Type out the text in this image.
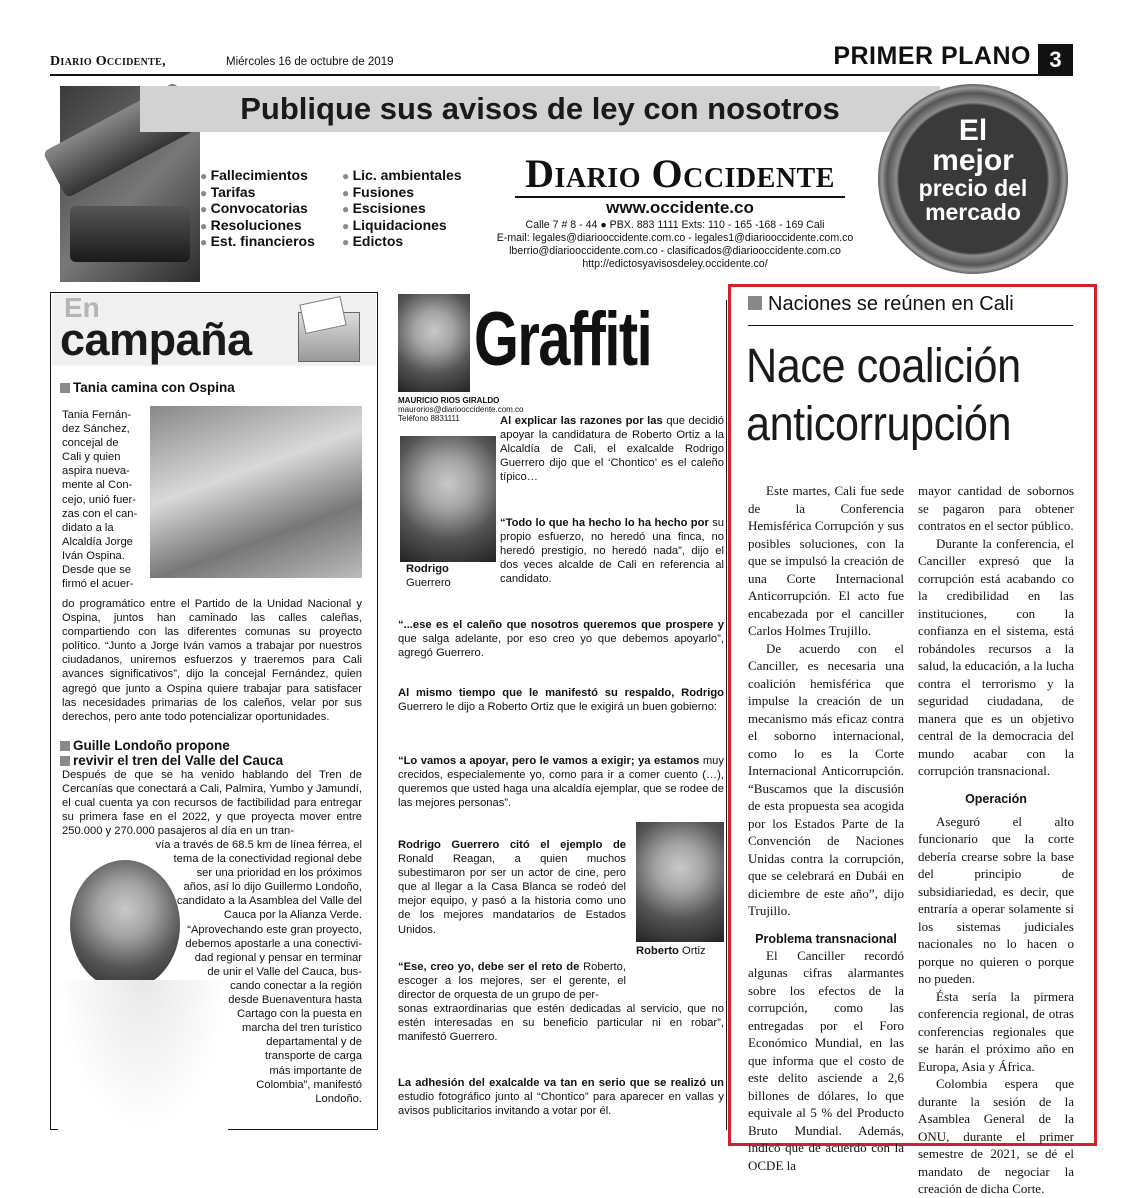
Diario Occidente,	Miércoles 16 de octubre de 2019	PRIMER PLANO 3
Publique sus avisos de ley con nosotros
● Fallecimientos
● Tarifas
● Convocatorias
● Resoluciones
● Est. financieros
● Lic. ambientales
● Fusiones
● Escisiones
● Liquidaciones
● Edictos
Diario Occidente
www.occidente.co
Calle 7 # 8 - 44 ● PBX. 883 1111 Exts: 110 - 165 -168 - 169 Cali
E-mail: legales@diariooccidente.com.co - legales1@diariooccidente.com.co
lberrio@diariooccidente.com.co - clasificados@diariooccidente.com.co
http://edictosyavisosdeley.occidente.co/
El
mejor
precio del
mercado
En
campaña
Tania camina con Ospina
Tania Fernán-
dez Sánchez,
concejal de
Cali y quien
aspira nueva-
mente al Con-
cejo, unió fuer-
zas con el can-
didato a la
Alcaldía Jorge
Iván Ospina.
Desde que se
firmó el acuer-
do programático entre el Partido de la Unidad Nacional y Ospina, juntos han caminado las calles caleñas, compartiendo con las diferentes comunas su proyecto político. “Junto a Jorge Iván vamos a trabajar por nuestros ciudadanos, uniremos esfuerzos y traeremos para Cali avances significativos”, dijo la concejal Fernández, quien agregó que junto a Ospina quiere trabajar para satisfacer las necesidades primarias de los caleños, velar por sus derechos, pero ante todo potencializar oportunidades.
Guille Londoño propone
revivir el tren del Valle del Cauca
Después de que se ha venido hablando del Tren de Cercanías que conectará a Cali, Palmira, Yumbo y Jamundí, el cual cuenta ya con recursos de factibilidad para entregar su primera fase en el 2022, y que proyecta mover entre 250.000 y 270.000 pasajeros al día en un tran-
vía a través de 68.5 km de línea férrea, el
tema de la conectividad regional debe
ser una prioridad en los próximos
años, así lo dijo Guillermo Londoño,
candidato a la Asamblea del Valle del
Cauca por la Alianza Verde.
“Aprovechando este gran proyecto,
debemos apostarle a una conectivi-
dad regional y pensar en terminar
de unir el Valle del Cauca, bus-
cando conectar a la región
desde Buenaventura hasta
Cartago con la puesta en
marcha del tren turístico
departamental y de
transporte de carga
más importante de
Colombia”, manifestó
Londoño.
Graffiti
MAURICIO RIOS GIRALDO
maurorios@diariooccidente.com.co
Teléfono 8831111
Rodrigo
Guerrero
Al explicar las razones por las que decidió apoyar la candidatura de Roberto Ortiz a la Alcaldía de Cali, el exalcalde Rodrigo Guerrero dijo que el ‘Chontico’ es el caleño típico…
“Todo lo que ha hecho lo ha hecho por su propio esfuerzo, no heredó una finca, no heredó prestigio, no heredó nada”, dijo el dos veces alcalde de Cali en referencia al candidato.
“...ese es el caleño que nosotros queremos que prospere y que salga adelante, por eso creo yo que debemos apoyarlo”, agregó Guerrero.
Al mismo tiempo que le manifestó su respaldo, Rodrigo Guerrero le dijo a Roberto Ortiz que le exigirá un buen gobierno:
“Lo vamos a apoyar, pero le vamos a exigir; ya estamos muy crecidos, especialemente yo, como para ir a comer cuento (…), queremos que usted haga una alcaldía ejemplar, que se rodee de las mejores personas”.
Rodrigo Guerrero citó el ejemplo de Ronald Reagan, a quien muchos subestimaron por ser un actor de cine, pero que al llegar a la Casa Blanca se rodeó del mejor equipo, y pasó a la historia como uno de los mejores mandatarios de Estados Unidos.
Roberto Ortiz
“Ese, creo yo, debe ser el reto de Roberto, escoger a los mejores, ser el gerente, el director de orquesta de un grupo de per-
sonas extraordinarias que estén dedicadas al servicio, que no estén interesadas en su beneficio particular ni en robar”, manifestó Guerrero.
La adhesión del exalcalde va tan en serio que se realizó un estudio fotográfico junto al “Chontico” para aparecer en vallas y avisos publicitarios invitando a votar por él.
Naciones se reúnen en Cali
Nace coalición anticorrupción

Este martes, Cali fue sede de la Conferencia Hemisférica Corrupción y sus posibles soluciones, con la que se impulsó la creación de una Corte Internacional Anticorrupción. El acto fue encabezada por el canciller Carlos Holmes Trujillo.

De acuerdo con el Canciller, es necesaria una coalición hemisférica que impulse la creación de un mecanismo más eficaz contra el soborno internacional, como lo es la Corte Internacional Anticorrupción. “Buscamos que la discusión de esta propuesta sea acogida por los Estados Parte de la Convención de Naciones Unidas contra la corrupción, que se celebrará en Dubái en diciembre de este año”, dijo Trujillo.

Problema transnacional

El Canciller recordó algunas cifras alarmantes sobre los efectos de la corrupción, como las entregadas por el Foro Económico Mundial, en las que informa que el costo de este delito asciende a 2,6 billones de dólares, lo que equivale al 5 % del Producto Bruto Mundial. Además, indicó que de acuerdo con la OCDE la

mayor cantidad de sobornos se pagaron para obtener contratos en el sector público.

Durante la conferencia, el Canciller expresó que la corrupción está acabando co la credibilidad en las instituciones, con la confianza en el sistema, está robándoles recursos a la salud, la educación, a la lucha contra el terrorismo y la seguridad ciudadana, de manera que es un objetivo central de la democracia del mundo acabar con la corrupción transnacional.

Operación

Aseguró el alto funcionario que la corte debería crearse sobre la base del principio de subsidiariedad, es decir, que entraría a operar solamente si los sistemas judiciales nacionales no lo hacen o porque no quieren o porque no pueden.

Ésta sería la pirmera conferencia regional, de otras conferencias regionales que se harán el próximo año en Europa, Asia y África.

Colombia espera que durante la sesión de la Asamblea General de la ONU, durante el primer semestre de 2021, se dé el mandato de negociar la creación de dicha Corte.
